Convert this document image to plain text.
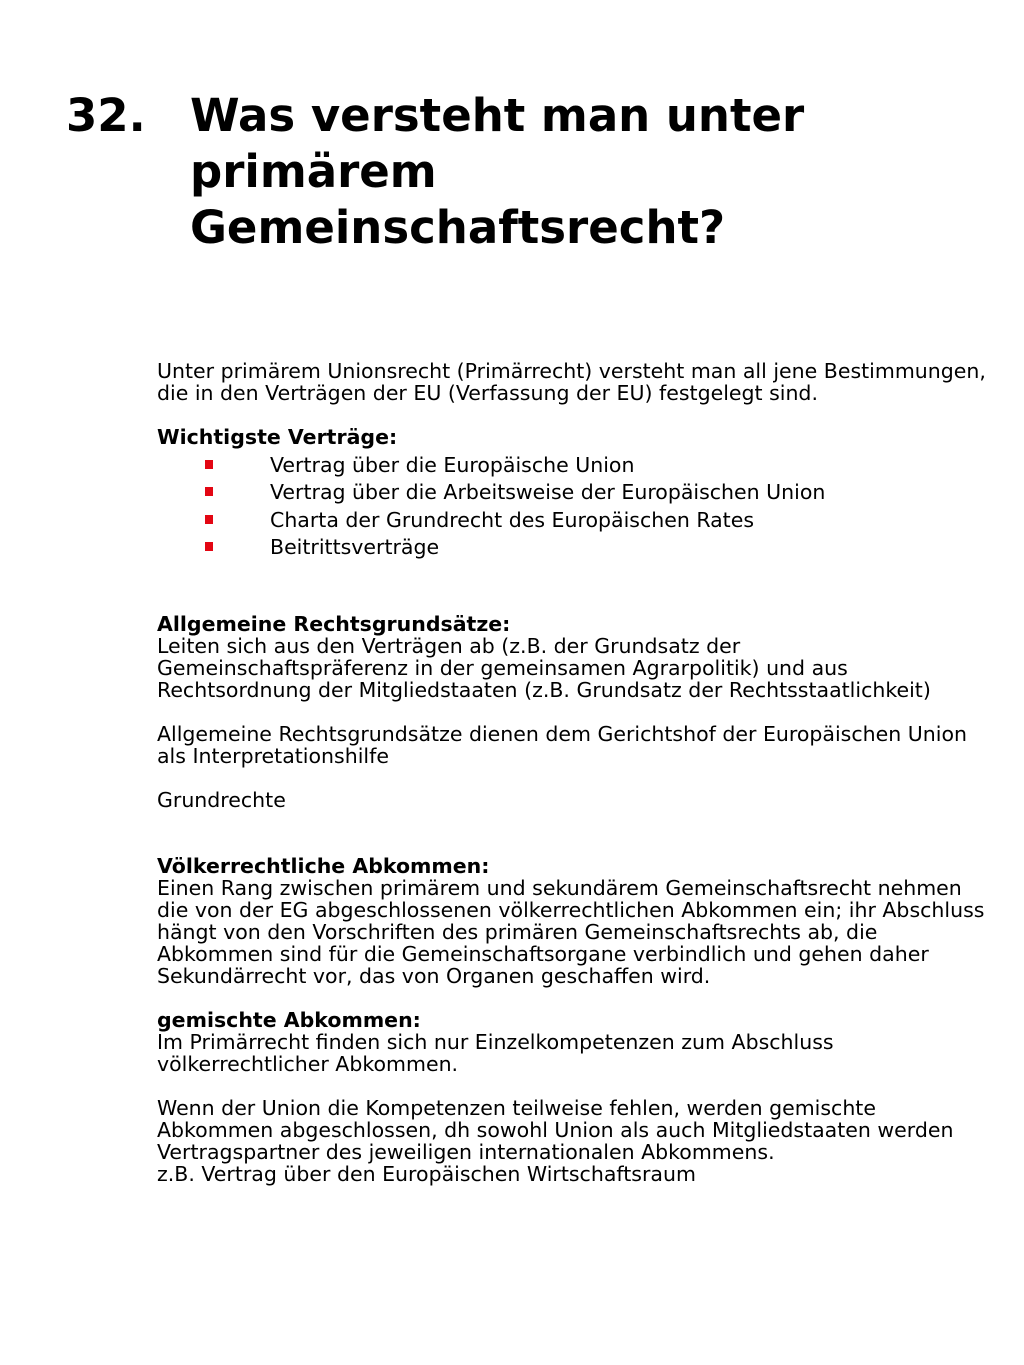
32. Was versteht man unter
primärem
Gemeinschaftsrecht?

Unter primärem Unionsrecht (Primärrecht) versteht man all jene Bestimmungen, die in den Verträgen der EU (Verfassung der EU) festgelegt sind.

Wichtigste Verträge:

Vertrag über die Europäische Union
Vertrag über die Arbeitsweise der Europäischen Union
Charta der Grundrecht des Europäischen Rates
Beitrittsverträge

Allgemeine Rechtsgrundsätze:

Leiten sich aus den Verträgen ab (z.B. der Grundsatz der Gemeinschaftspräferenz in der gemeinsamen Agrarpolitik) und aus Rechtsordnung der Mitgliedstaaten (z.B. Grundsatz der Rechtsstaatlichkeit)

Allgemeine Rechtsgrundsätze dienen dem Gerichtshof der Europäischen Union als Interpretationshilfe

Grundrechte

Völkerrechtliche Abkommen:

Einen Rang zwischen primärem und sekundärem Gemeinschaftsrecht nehmen die von der EG abgeschlossenen völkerrechtlichen Abkommen ein; ihr Abschluss hängt von den Vorschriften des primären Gemeinschaftsrechts ab, die Abkommen sind für die Gemeinschaftsorgane verbindlich und gehen daher Sekundärrecht vor, das von Organen geschaffen wird.

gemischte Abkommen:

Im Primärrecht finden sich nur Einzelkompetenzen zum Abschluss völkerrechtlicher Abkommen.

Wenn der Union die Kompetenzen teilweise fehlen, werden gemischte Abkommen abgeschlossen, dh sowohl Union als auch Mitgliedstaaten werden Vertragspartner des jeweiligen internationalen Abkommens.

z.B. Vertrag über den Europäischen Wirtschaftsraum
